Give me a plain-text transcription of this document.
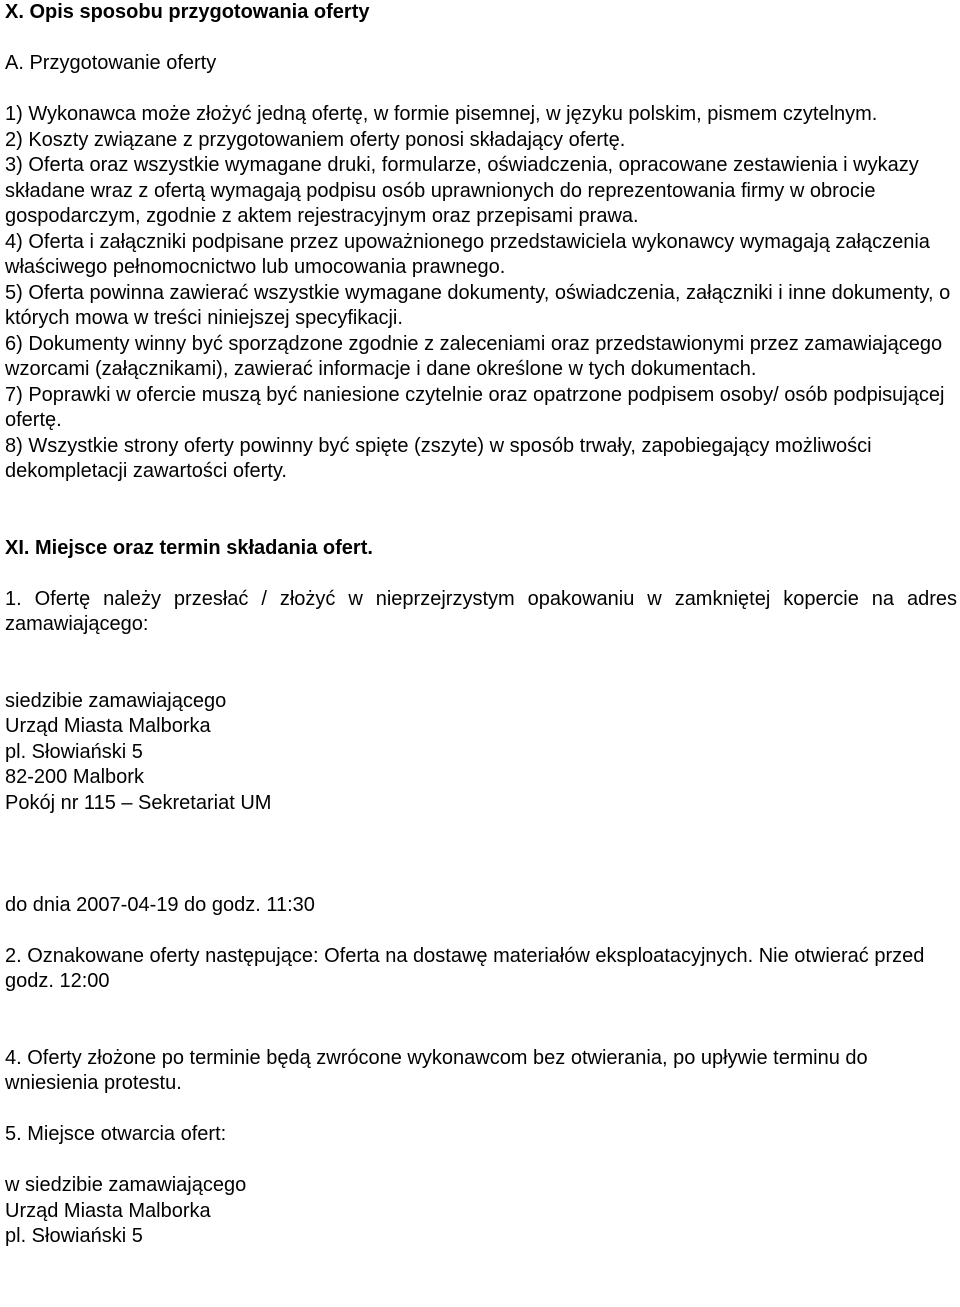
X. Opis sposobu przygotowania oferty

A. Przygotowanie oferty

1) Wykonawca może złożyć jedną ofertę, w formie pisemnej, w języku polskim, pismem czytelnym.
2) Koszty związane z przygotowaniem oferty ponosi składający ofertę.
3) Oferta oraz wszystkie wymagane druki, formularze, oświadczenia, opracowane zestawienia i wykazy składane wraz z ofertą wymagają podpisu osób uprawnionych do reprezentowania firmy w obrocie gospodarczym, zgodnie z aktem rejestracyjnym oraz przepisami prawa.
4) Oferta i załączniki podpisane przez upoważnionego przedstawiciela wykonawcy wymagają załączenia właściwego pełnomocnictwo lub umocowania prawnego.
5) Oferta powinna zawierać wszystkie wymagane dokumenty, oświadczenia, załączniki i inne dokumenty, o których mowa w treści niniejszej specyfikacji.
6) Dokumenty winny być sporządzone zgodnie z zaleceniami oraz przedstawionymi przez zamawiającego wzorcami (załącznikami), zawierać informacje i dane określone w tych dokumentach.
7) Poprawki w ofercie muszą być naniesione czytelnie oraz opatrzone podpisem osoby/ osób podpisującej ofertę.
8) Wszystkie strony oferty powinny być spięte (zszyte) w sposób trwały, zapobiegający możliwości dekompletacji zawartości oferty.

XI. Miejsce oraz termin składania ofert.

1. Ofertę należy przesłać / złożyć w nieprzejrzystym opakowaniu w zamkniętej kopercie na adres zamawiającego:

siedzibie zamawiającego
Urząd Miasta Malborka
pl. Słowiański 5
82-200 Malbork
Pokój nr 115 – Sekretariat UM

do dnia 2007-04-19 do godz. 11:30

2. Oznakowane oferty następujące: Oferta na dostawę materiałów eksploatacyjnych. Nie otwierać przed godz. 12:00

4. Oferty złożone po terminie będą zwrócone wykonawcom bez otwierania, po upływie terminu do wniesienia protestu.

5. Miejsce otwarcia ofert:

w siedzibie zamawiającego
Urząd Miasta Malborka
pl. Słowiański 5
